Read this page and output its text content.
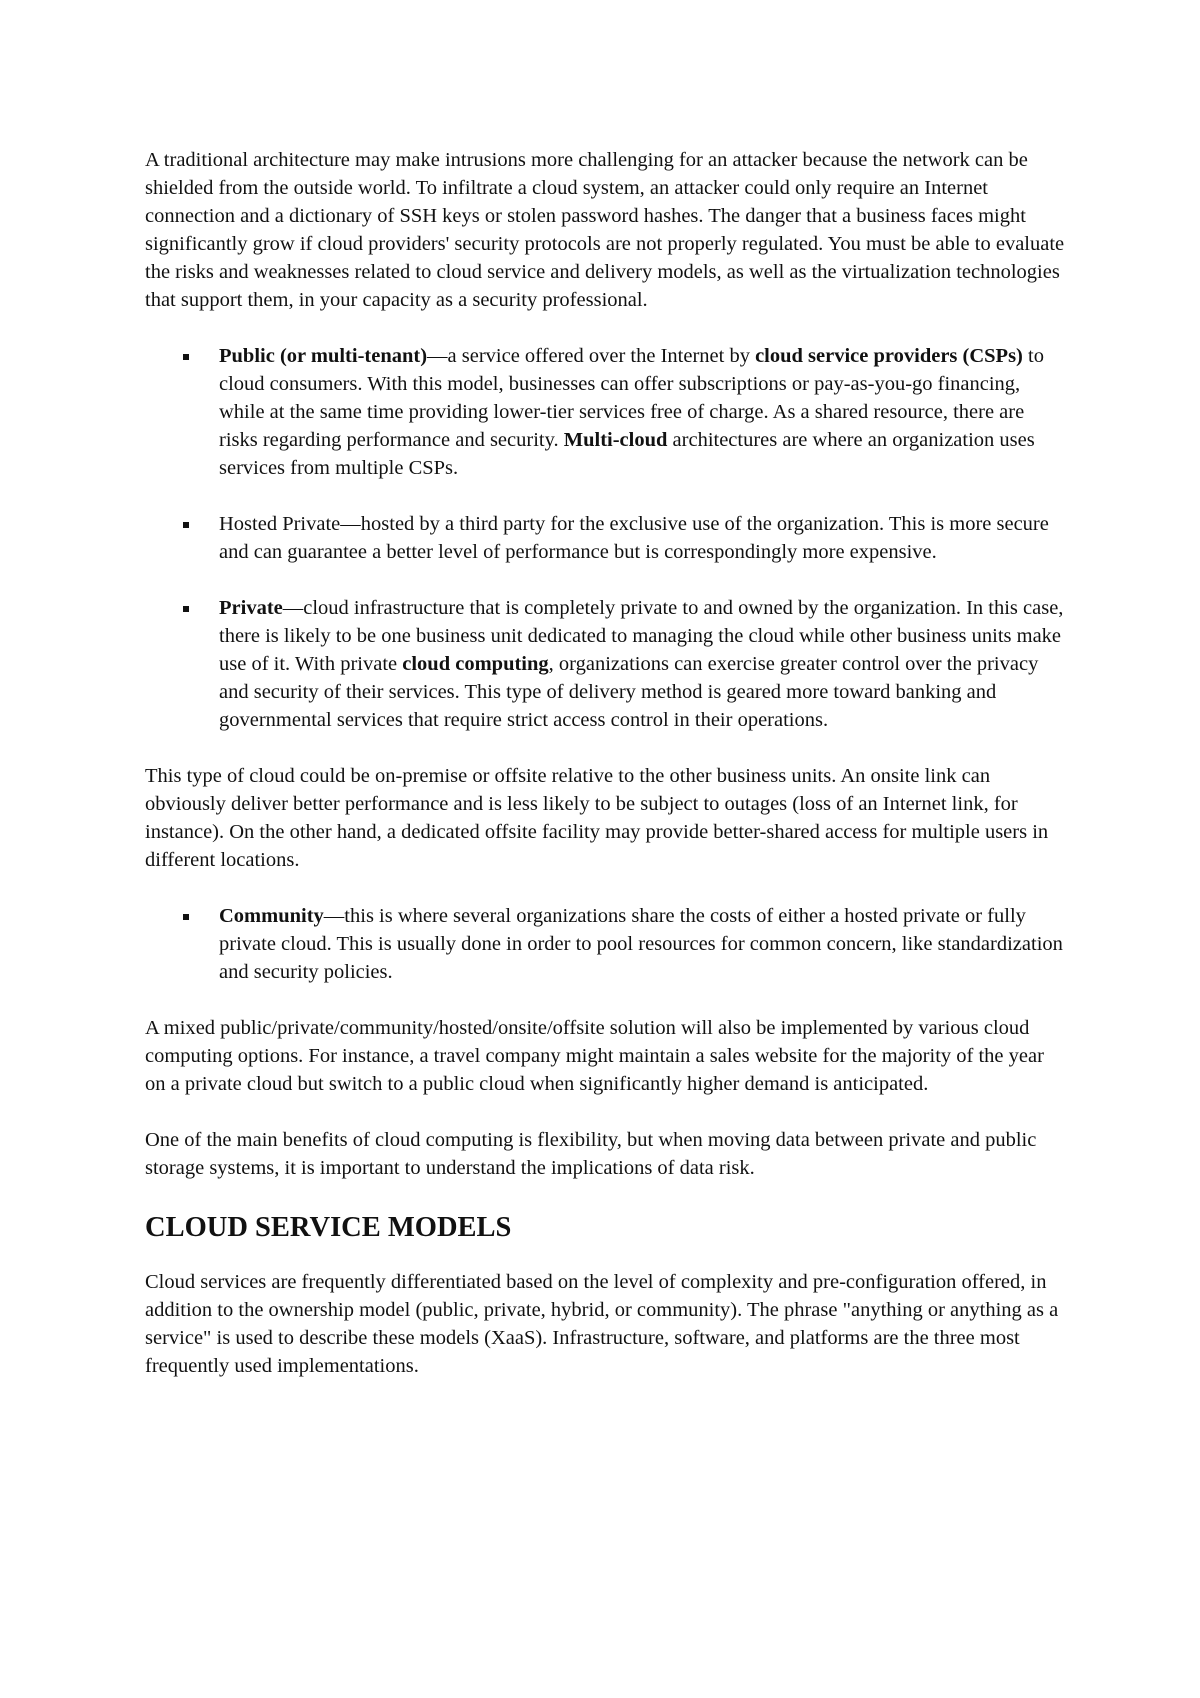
A traditional architecture may make intrusions more challenging for an attacker because the network can be shielded from the outside world. To infiltrate a cloud system, an attacker could only require an Internet connection and a dictionary of SSH keys or stolen password hashes. The danger that a business faces might significantly grow if cloud providers' security protocols are not properly regulated. You must be able to evaluate the risks and weaknesses related to cloud service and delivery models, as well as the virtualization technologies that support them, in your capacity as a security professional.

Public (or multi-tenant)—a service offered over the Internet by cloud service providers (CSPs) to cloud consumers. With this model, businesses can offer subscriptions or pay-as-you-go financing, while at the same time providing lower-tier services free of charge. As a shared resource, there are risks regarding performance and security. Multi-cloud architectures are where an organization uses services from multiple CSPs.
Hosted Private—hosted by a third party for the exclusive use of the organization. This is more secure and can guarantee a better level of performance but is correspondingly more expensive.
Private—cloud infrastructure that is completely private to and owned by the organization. In this case, there is likely to be one business unit dedicated to managing the cloud while other business units make use of it. With private cloud computing, organizations can exercise greater control over the privacy and security of their services. This type of delivery method is geared more toward banking and governmental services that require strict access control in their operations.

This type of cloud could be on-premise or offsite relative to the other business units. An onsite link can obviously deliver better performance and is less likely to be subject to outages (loss of an Internet link, for instance). On the other hand, a dedicated offsite facility may provide better-shared access for multiple users in different locations.

Community—this is where several organizations share the costs of either a hosted private or fully private cloud. This is usually done in order to pool resources for common concern, like standardization and security policies.

A mixed public/private/community/hosted/onsite/offsite solution will also be implemented by various cloud computing options. For instance, a travel company might maintain a sales website for the majority of the year on a private cloud but switch to a public cloud when significantly higher demand is anticipated.

One of the main benefits of cloud computing is flexibility, but when moving data between private and public storage systems, it is important to understand the implications of data risk.

CLOUD SERVICE MODELS

Cloud services are frequently differentiated based on the level of complexity and pre-configuration offered, in addition to the ownership model (public, private, hybrid, or community). The phrase "anything or anything as a service" is used to describe these models (XaaS). Infrastructure, software, and platforms are the three most frequently used implementations.
